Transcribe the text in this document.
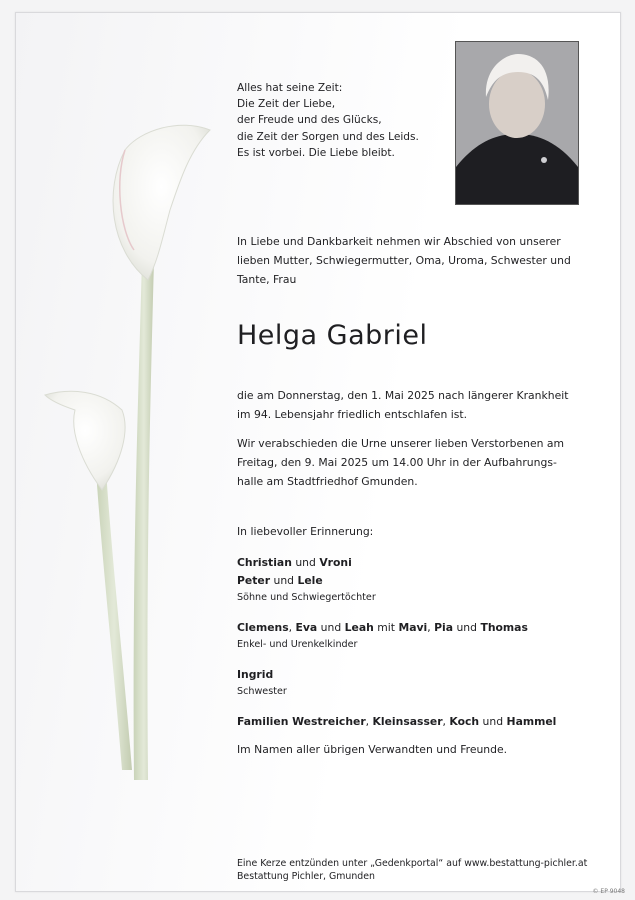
Alles hat seine Zeit:
Die Zeit der Liebe,
der Freude und des Glücks,
die Zeit der Sorgen und des Leids.
Es ist vorbei. Die Liebe bleibt.
In Liebe und Dankbarkeit nehmen wir Abschied von unserer lieben Mutter, Schwiegermutter, Oma, Uroma, Schwester und Tante, Frau
Helga Gabriel
die am Donnerstag, den 1. Mai 2025 nach längerer Krankheit im 94. Lebensjahr friedlich entschlafen ist.
Wir verabschieden die Urne unserer lieben Verstorbenen am Freitag, den 9. Mai 2025 um 14.00 Uhr in der Aufbahrungs- halle am Stadtfriedhof Gmunden.
In liebevoller Erinnerung:
Christian und Vroni
Peter und Lele
Söhne und Schwiegertöchter
Clemens, Eva und Leah mit Mavi, Pia und Thomas
Enkel- und Urenkelkinder
Ingrid
Schwester
Familien Westreicher, Kleinsasser, Koch und Hammel
Im Namen aller übrigen Verwandten und Freunde.
Eine Kerze entzünden unter „Gedenkportal“ auf www.bestattung-pichler.at
Bestattung Pichler, Gmunden
© EP 9048
